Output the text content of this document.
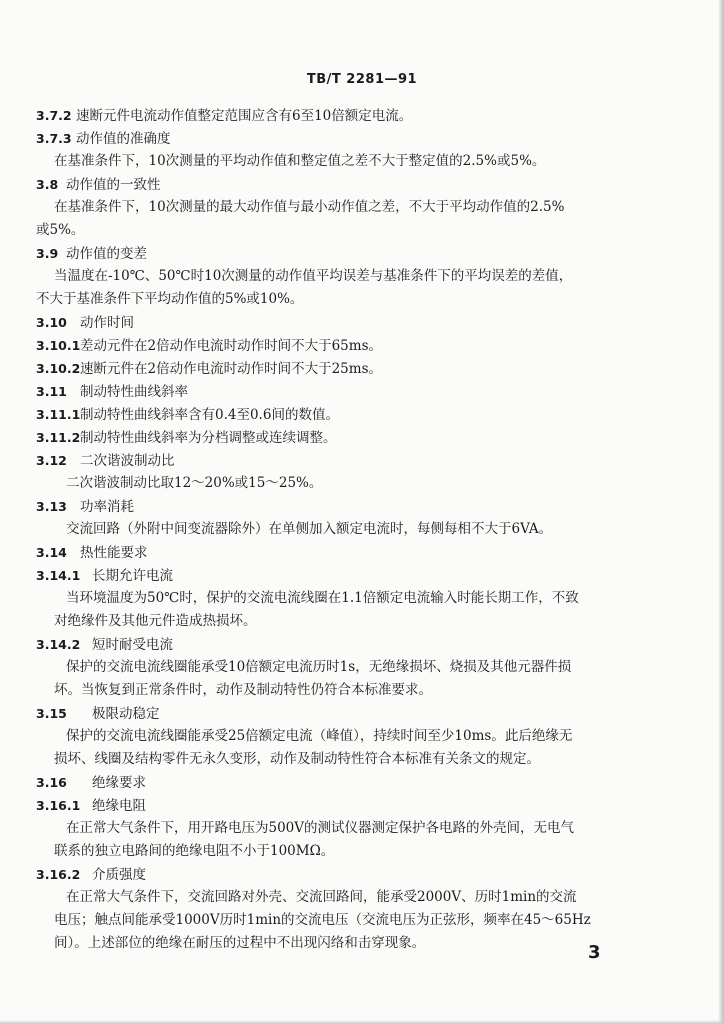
TB/T 2281—91
3.7.2 速断元件电流动作值整定范围应含有6至10倍额定电流。
3.7.3 动作值的准确度
在基准条件下，10次测量的平均动作值和整定值之差不大于整定值的2.5%或5%。
3.8 动作值的一致性
在基准条件下，10次测量的最大动作值与最小动作值之差，不大于平均动作值的2.5%
或5%。
3.9 动作值的变差
当温度在-10℃、50℃时10次测量的动作值平均误差与基准条件下的平均误差的差值，
不大于基准条件下平均动作值的5%或10%。
3.10 动作时间
3.10.1差动元件在2倍动作电流时动作时间不大于65ms。
3.10.2速断元件在2倍动作电流时动作时间不大于25ms。
3.11 制动特性曲线斜率
3.11.1制动特性曲线斜率含有0.4至0.6间的数值。
3.11.2制动特性曲线斜率为分档调整或连续调整。
3.12 二次谐波制动比
二次谐波制动比取12～20%或15～25%。
3.13 功率消耗
交流回路（外附中间变流器除外）在单侧加入额定电流时，每侧每相不大于6VA。
3.14 热性能要求
3.14.1 长期允许电流
当环境温度为50℃时，保护的交流电流线圈在1.1倍额定电流输入时能长期工作，不致
对绝缘件及其他元件造成热损坏。
3.14.2 短时耐受电流
保护的交流电流线圈能承受10倍额定电流历时1s，无绝缘损坏、烧损及其他元器件损
坏。当恢复到正常条件时，动作及制动特性仍符合本标准要求。
3.15 极限动稳定
保护的交流电流线圈能承受25倍额定电流（峰值），持续时间至少10ms。此后绝缘无
损坏、线圈及结构零件无永久变形，动作及制动特性符合本标准有关条文的规定。
3.16 绝缘要求
3.16.1 绝缘电阻
在正常大气条件下，用开路电压为500V的测试仪器测定保护各电路的外壳间，无电气
联系的独立电路间的绝缘电阻不小于100MΩ。
3.16.2 介质强度
在正常大气条件下，交流回路对外壳、交流回路间，能承受2000V、历时1min的交流
电压；触点间能承受1000V历时1min的交流电压（交流电压为正弦形，频率在45～65Hz
间）。上述部位的绝缘在耐压的过程中不出现闪络和击穿现象。	3
